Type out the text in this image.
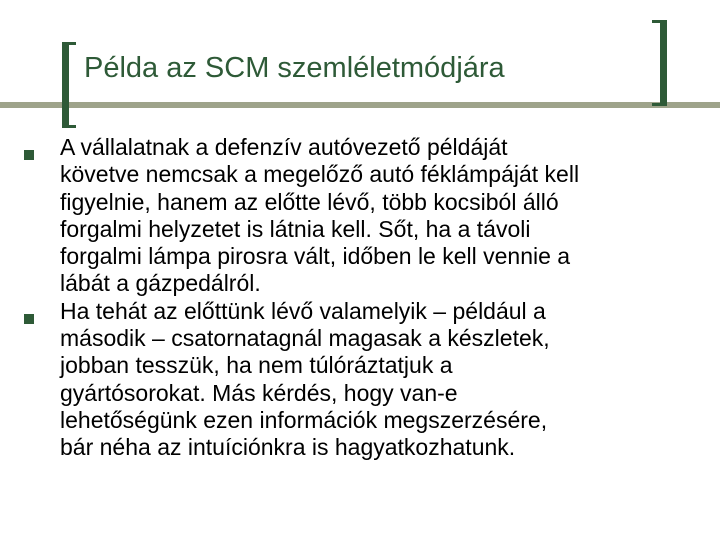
Példa az SCM szemléletmódjára
A vállalatnak a defenzív autóvezető példáját
követve nemcsak a megelőző autó féklámpáját kell
figyelnie, hanem az előtte lévő, több kocsiból álló
forgalmi helyzetet is látnia kell. Sőt, ha a távoli
forgalmi lámpa pirosra vált, időben le kell vennie a
lábát a gázpedálról.
Ha tehát az előttünk lévő valamelyik – például a
második – csatornatagnál magasak a készletek,
jobban tesszük, ha nem túlóráztatjuk a
gyártósorokat. Más kérdés, hogy van-e
lehetőségünk ezen információk megszerzésére,
bár néha az intuíciónkra is hagyatkozhatunk.
